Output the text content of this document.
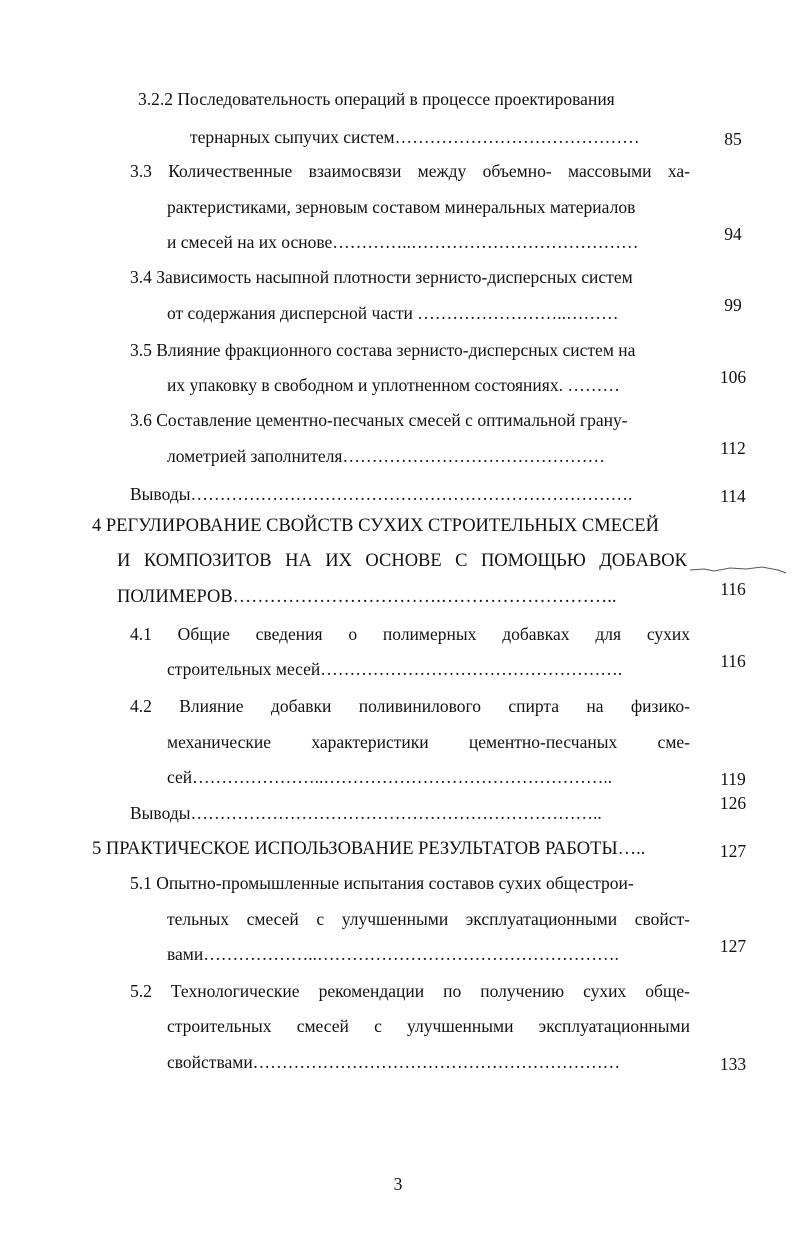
3.2.2 Последовательность операций в процессе проектирования
тернарных сыпучих систем……………………………………	85
3.3 Количественные взаимосвязи между объемно- массовыми ха-
рактеристиками, зерновым составом минеральных материалов
и смесей на их основе…………..…………………………………	94
3.4 Зависимость насыпной плотности зернисто-дисперсных систем
от содержания дисперсной части ……………………..………	99
3.5 Влияние фракционного состава зернисто-дисперсных систем на
их упаковку в свободном и уплотненном состояниях. ………	106
3.6 Составление цементно-песчаных смесей с оптимальной грану-
лометрией заполнителя………………………………………	112
Выводы………………………………………………………………….	114
4 РЕГУЛИРОВАНИЕ СВОЙСТВ СУХИХ СТРОИТЕЛЬНЫХ СМЕСЕЙ
И КОМПОЗИТОВ НА ИХ ОСНОВЕ С ПОМОЩЬЮ ДОБАВОК
ПОЛИМЕРОВ…………………………….………………………..	116
4.1 Общие сведения о полимерных добавках для сухих
строительных месей…………………………………………….	116
4.2 Влияние добавки поливинилового спирта на физико-
механические характеристики цементно-песчаных сме-
сей…………………..…………………………………………..	119
Выводы……………………………………………………………..	126
5 ПРАКТИЧЕСКОЕ ИСПОЛЬЗОВАНИЕ РЕЗУЛЬТАТОВ РАБОТЫ…..	127
5.1 Опытно-промышленные испытания составов сухих общестрои-
тельных смесей с улучшенными эксплуатационными свойст-
вами………………..…………………………………………….	127
5.2 Технологические рекомендации по получению сухих обще-
строительных смесей с улучшенными эксплуатационными
свойствами………………………………………………………	133
3
